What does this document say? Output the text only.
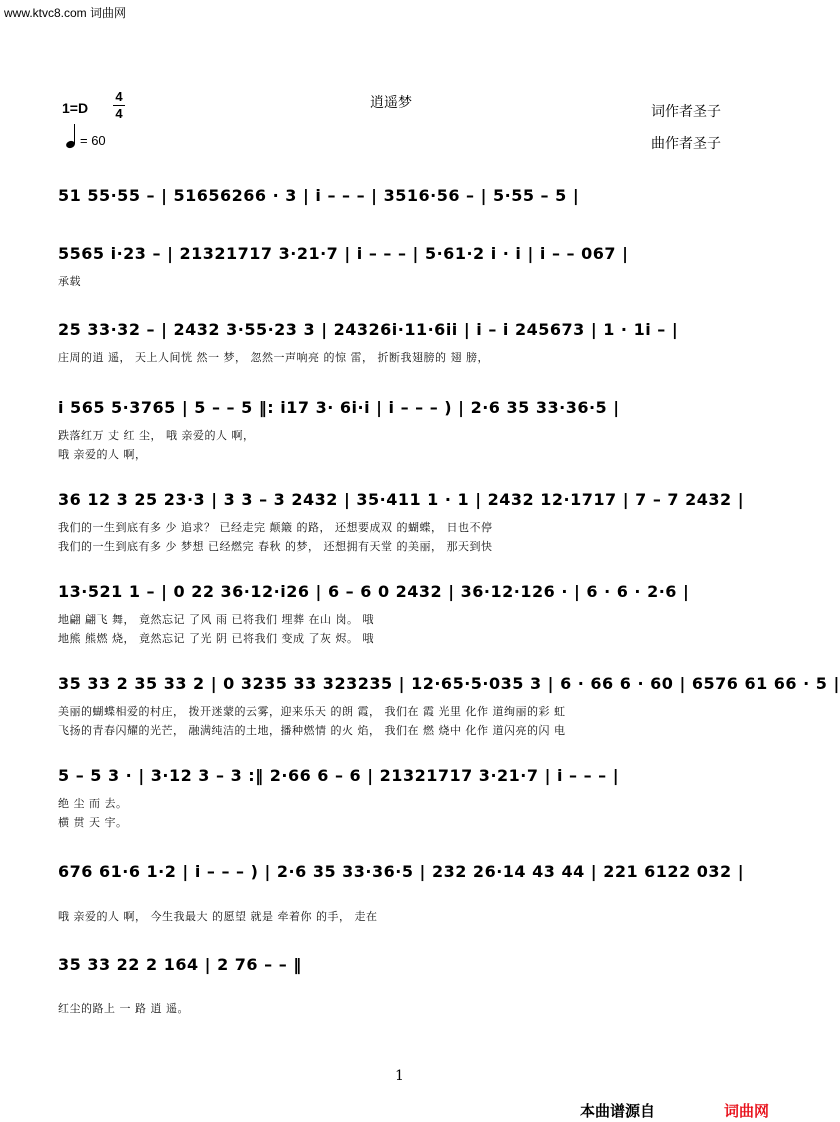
www.ktvc8.com 词曲网
逍遥梦
词作者圣子
曲作者圣子
1=D
4
4
= 60
51 55·55 – | 51656266 · 3 | i – – – | 3516·56 – | 5·55 – 5 |
5565 i·23 – | 21321717 3·21·7 | i – – – | 5·61·2 i · i | i – – 067 |
承载
25 33·32 – | 2432 3·55·23 3 | 24326i·11·6ii | i – i 245673 | 1 · 1i – |
庄周的逍 遥， 天上人间恍 然一 梦， 忽然一声响亮 的惊 雷， 折断我翅膀的 翅 膀，
i 565 5·3765 | 5 – – 5 ‖: i17 3· 6i·i | i – – – ) | 2·6 35 33·36·5 |
跌落红万 丈 红 尘， 哦 亲爱的人 啊，
哦 亲爱的人 啊，
36 12 3 25 23·3 | 3 3 – 3 2432 | 35·411 1 · 1 | 2432 12·1717 | 7 – 7 2432 |
我们的一生到底有多 少 追求？ 已经走完 颠簸 的路， 还想要成双 的蝴蝶， 日也不停
我们的一生到底有多 少 梦想 已经燃完 春秋 的梦， 还想拥有天堂 的美丽， 那天到快
13·521 1 – | 0 22 36·12·i26 | 6 – 6 0 2432 | 36·12·126 · | 6 · 6 · 2·6 |
地翩 翩飞 舞， 竟然忘记 了风 雨 已将我们 埋葬 在山 岗。 哦
地熊 熊燃 烧， 竟然忘记 了光 阴 已将我们 变成 了灰 烬。 哦
35 33 2 35 33 2 | 0 3235 33 323235 | 12·65·5·035 3 | 6 · 66 6 · 60 | 6576 61 66 · 5 |
美丽的蝴蝶相爱的村庄， 拨开迷蒙的云雾，迎来乐天 的朗 霞， 我们在 霞 光里 化作 道绚丽的彩 虹
飞扬的青春闪耀的光芒， 融满纯洁的土地，播种燃情 的火 焰， 我们在 燃 烧中 化作 道闪亮的闪 电
5 – 5 3 · | 3·12 3 – 3 :‖ 2·66 6 – 6 | 21321717 3·21·7 | i – – – |
绝 尘 而 去。
横 贯 天 宇。
676 61·6 1·2 | i – – – ) | 2·6 35 33·36·5 | 232 26·14 43 44 | 221 6122 032 |
哦 亲爱的人 啊， 今生我最大 的愿望 就是 牵着你 的手， 走在
35 33 22 2 164 | 2 76 – – ‖
红尘的路上 一 路 逍 遥。
1
本曲谱源自	词曲网
